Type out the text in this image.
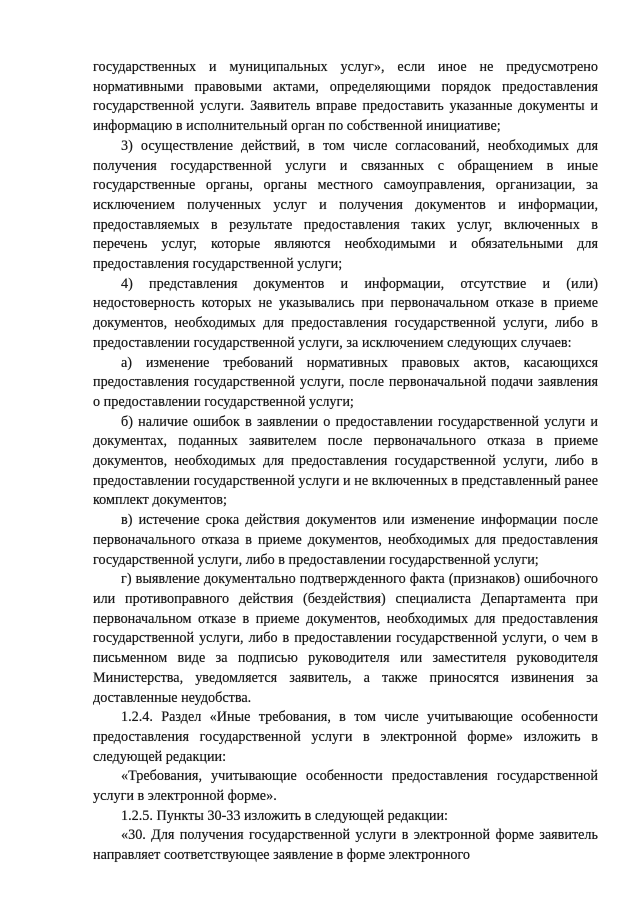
государственных и муниципальных услуг», если иное не предусмотрено нормативными правовыми актами, определяющими порядок предоставления государственной услуги. Заявитель вправе предоставить указанные документы и информацию в исполнительный орган по собственной инициативе;

3) осуществление действий, в том числе согласований, необходимых для получения государственной услуги и связанных с обращением в иные государственные органы, органы местного самоуправления, организации, за исключением полученных услуг и получения документов и информации, предоставляемых в результате предоставления таких услуг, включенных в перечень услуг, которые являются необходимыми и обязательными для предоставления государственной услуги;

4) представления документов и информации, отсутствие и (или) недостоверность которых не указывались при первоначальном отказе в приеме документов, необходимых для предоставления государственной услуги, либо в предоставлении государственной услуги, за исключением следующих случаев:

а) изменение требований нормативных правовых актов, касающихся предоставления государственной услуги, после первоначальной подачи заявления о предоставлении государственной услуги;

б) наличие ошибок в заявлении о предоставлении государственной услуги и документах, поданных заявителем после первоначального отказа в приеме документов, необходимых для предоставления государственной услуги, либо в предоставлении государственной услуги и не включенных в представленный ранее комплект документов;

в) истечение срока действия документов или изменение информации после первоначального отказа в приеме документов, необходимых для предоставления государственной услуги, либо в предоставлении государственной услуги;

г) выявление документально подтвержденного факта (признаков) ошибочного или противоправного действия (бездействия) специалиста Департамента при первоначальном отказе в приеме документов, необходимых для предоставления государственной услуги, либо в предоставлении государственной услуги, о чем в письменном виде за подписью руководителя или заместителя руководителя Министерства, уведомляется заявитель, а также приносятся извинения за доставленные неудобства.

1.2.4. Раздел «Иные требования, в том числе учитывающие особенности предоставления государственной услуги в электронной форме» изложить в следующей редакции:

«Требования, учитывающие особенности предоставления государственной услуги в электронной форме».

1.2.5. Пункты 30-33 изложить в следующей редакции:

«30. Для получения государственной услуги в электронной форме заявитель направляет соответствующее заявление в форме электронного
